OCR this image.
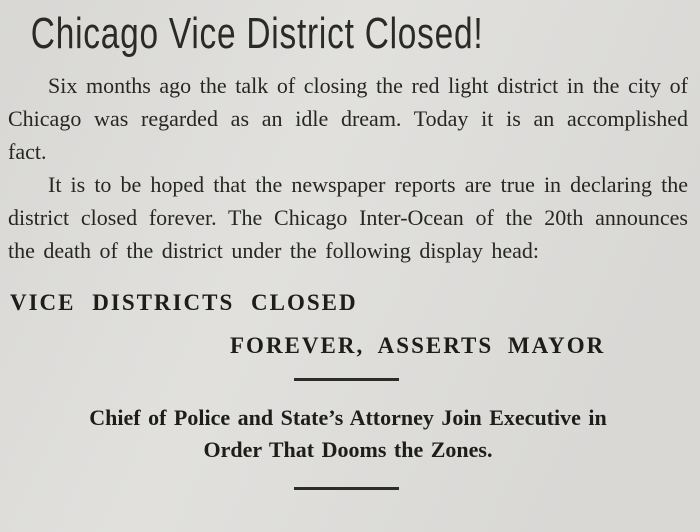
Chicago Vice District Closed!

Six months ago the talk of closing the red light district in the city of Chicago was regarded as an idle dream. Today it is an accomplished fact.

It is to be hoped that the newspaper reports are true in declaring the district closed forever. The Chicago Inter-Ocean of the 20th announces the death of the district under the following display head:

VICE DISTRICTS CLOSED
FOREVER, ASSERTS MAYOR
Chief of Police and State’s Attorney Join Executive in
Order That Dooms the Zones.
